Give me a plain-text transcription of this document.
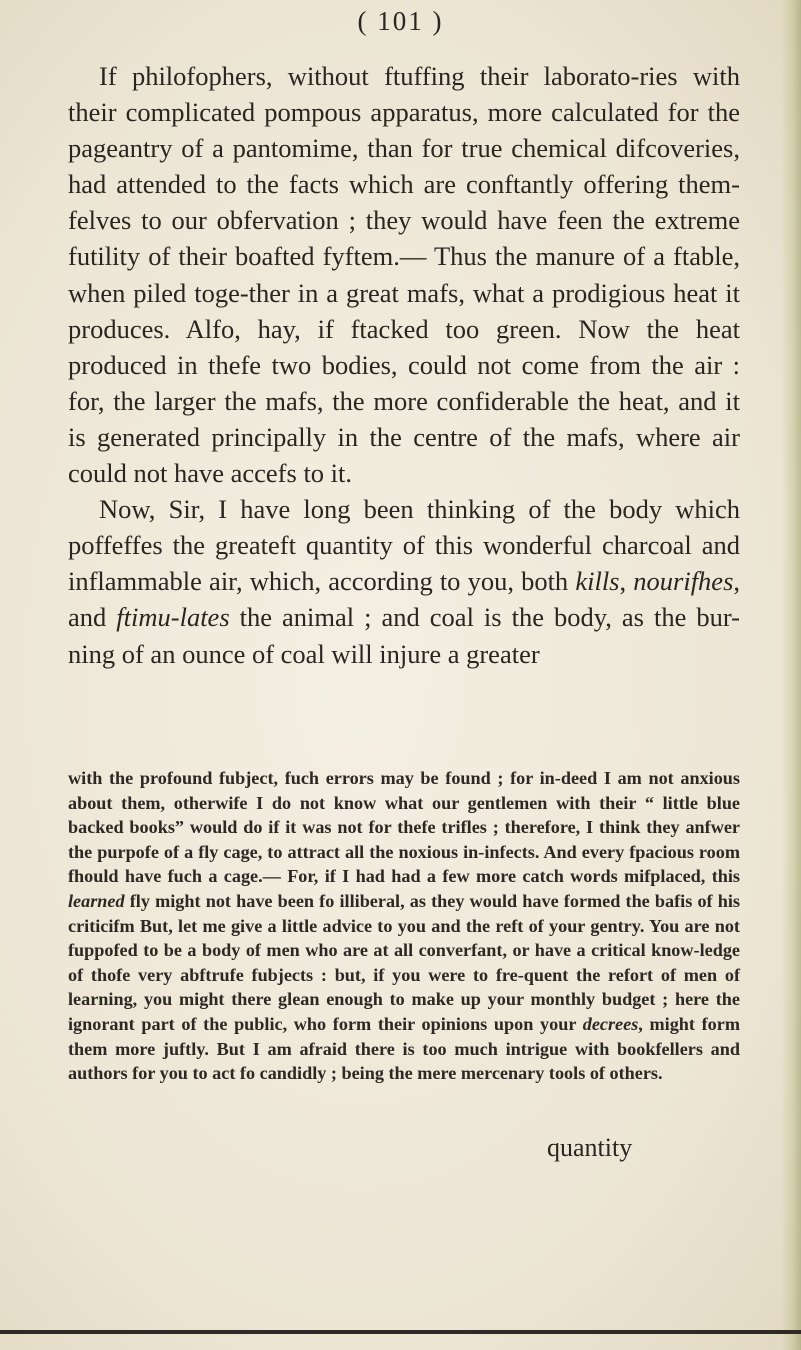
( 101 )

If philofophers, without ftuffing their laborato-ries with their complicated pompous apparatus, more calculated for the pageantry of a pantomime, than for true chemical difcoveries, had attended to the facts which are conftantly offering them-felves to our obfervation ; they would have feen the extreme futility of their boafted fyftem.— Thus the manure of a ftable, when piled toge-ther in a great mafs, what a prodigious heat it produces. Alfo, hay, if ftacked too green. Now the heat produced in thefe two bodies, could not come from the air : for, the larger the mafs, the more confiderable the heat, and it is generated principally in the centre of the mafs, where air could not have accefs to it.

Now, Sir, I have long been thinking of the body which poffeffes the greateft quantity of this wonderful charcoal and inflammable air, which, according to you, both kills, nourifhes, and ftimu-lates the animal ; and coal is the body, as the bur-ning of an ounce of coal will injure a greater

with the profound fubject, fuch errors may be found ; for in-deed I am not anxious about them, otherwife I do not know what our gentlemen with their “ little blue backed books” would do if it was not for thefe trifles ; therefore, I think they anfwer the purpofe of a fly cage, to attract all the noxious in-infects. And every fpacious room fhould have fuch a cage.— For, if I had had a few more catch words mifplaced, this learned fly might not have been fo illiberal, as they would have formed the bafis of his criticifm But, let me give a little advice to you and the reft of your gentry. You are not fuppofed to be a body of men who are at all converfant, or have a critical know-ledge of thofe very abftrufe fubjects : but, if you were to fre-quent the refort of men of learning, you might there glean enough to make up your monthly budget ; here the ignorant part of the public, who form their opinions upon your decrees, might form them more juftly. But I am afraid there is too much intrigue with bookfellers and authors for you to act fo candidly ; being the mere mercenary tools of others.

quantity
